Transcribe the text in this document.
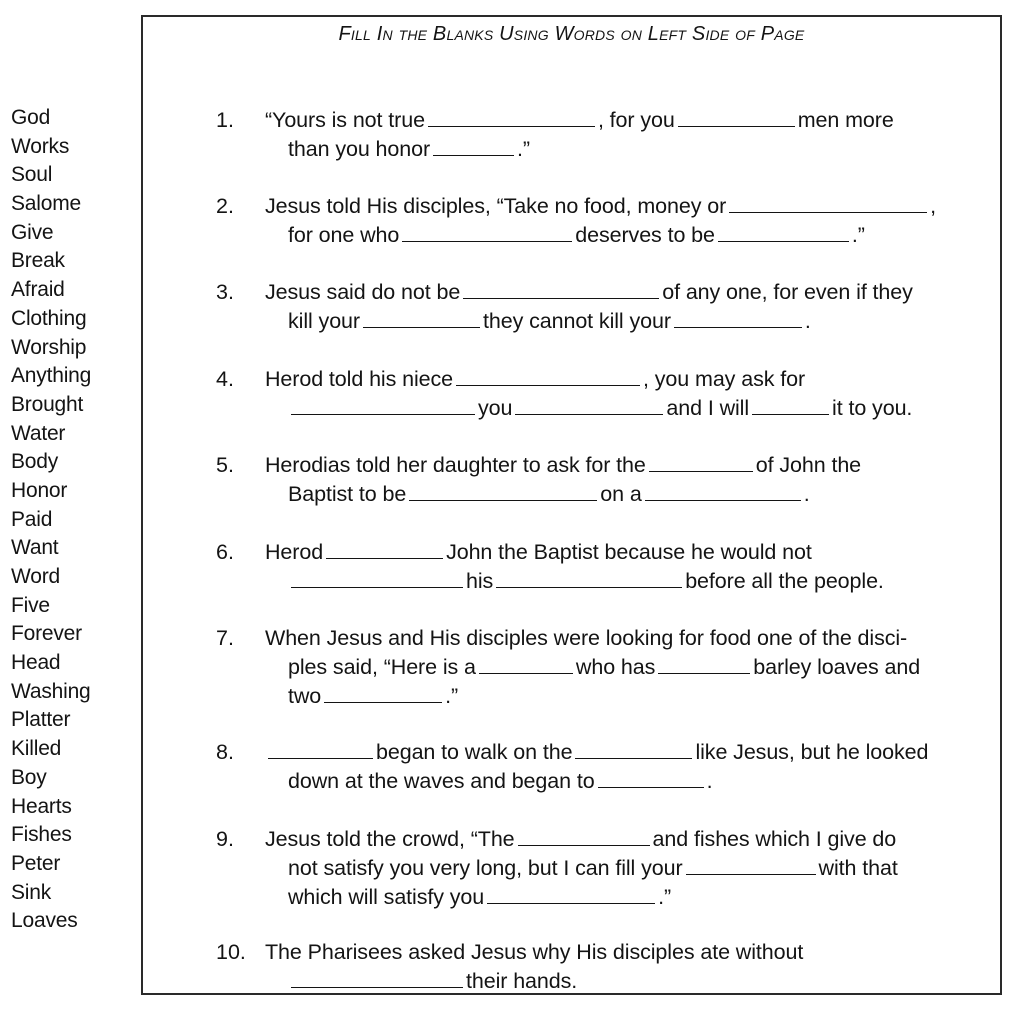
God
Works
Soul
Salome
Give
Break
Afraid
Clothing
Worship
Anything
Brought
Water
Body
Honor
Paid
Want
Word
Five
Forever
Head
Washing
Platter
Killed
Boy
Hearts
Fishes
Peter
Sink
Loaves
Fill In the Blanks Using Words on Left Side of Page
1. “Yours is not true	, for you	men more
than you honor	.”
2. Jesus told His disciples, “Take no food, money or	,
for one who	deserves to be	.”
3. Jesus said do not be	of any one, for even if they
kill your	they cannot kill your	.
4. Herod told his niece	, you may ask for
you	and I will	it to you.
5. Herodias told her daughter to ask for the	of John the
Baptist to be	on a	.
6. Herod	John the Baptist because he would not
his	before all the people.
7. When Jesus and His disciples were looking for food one of the disci-
ples said, “Here is a	who has	barley loaves and
two	.”
8.	began to walk on the	like Jesus, but he looked
down at the waves and began to	.
9. Jesus told the crowd, “The	and fishes which I give do
not satisfy you very long, but I can fill your	with that
which will satisfy you	.”
10. The Pharisees asked Jesus why His disciples ate without
their hands.
